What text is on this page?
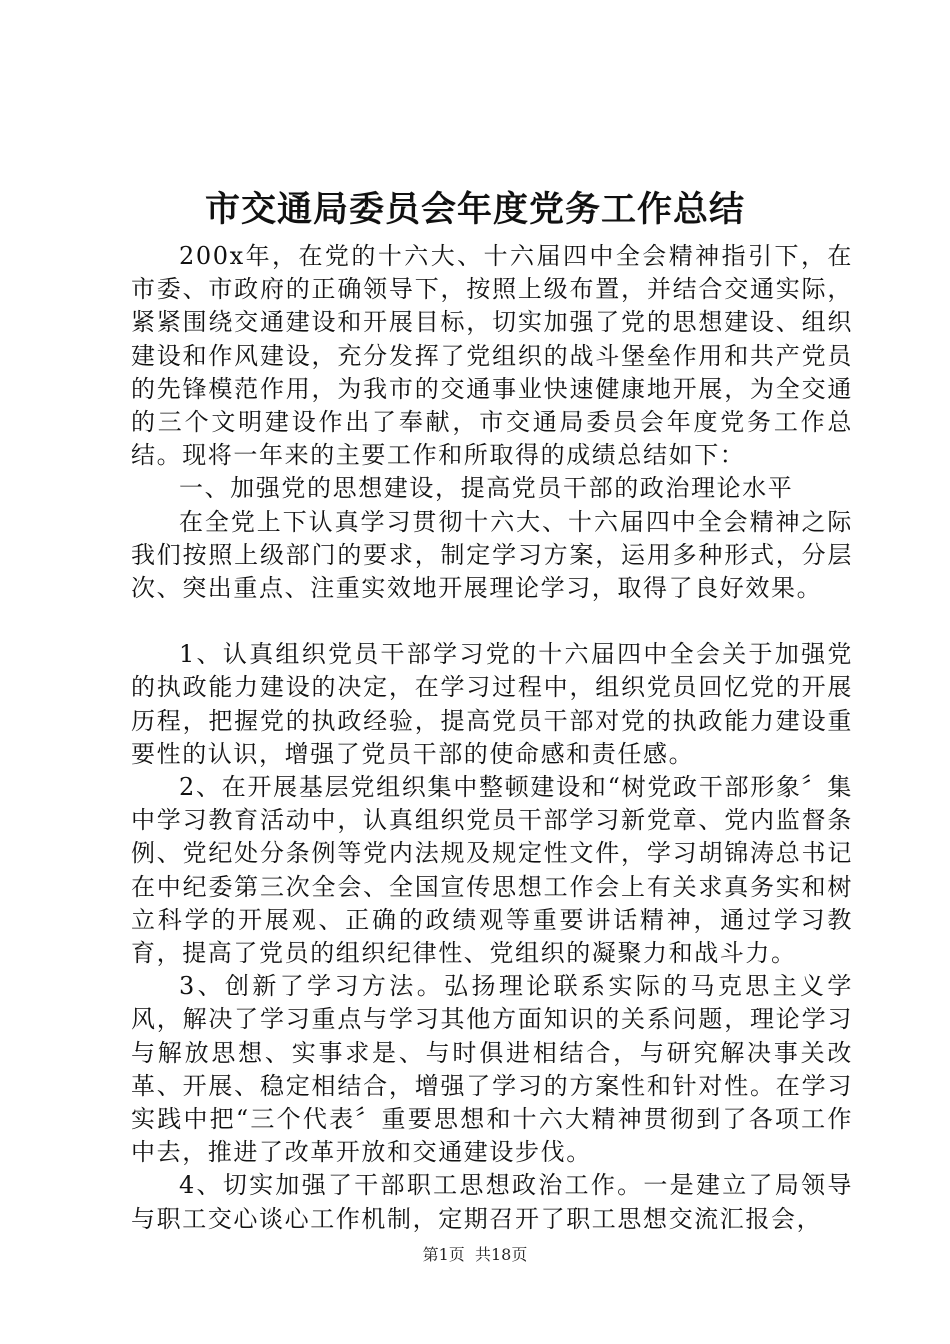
市交通局委员会年度党务工作总结

200x年，在党的十六大、十六届四中全会精神指引下，在市委、市政府的正确领导下，按照上级布置，并结合交通实际，紧紧围绕交通建设和开展目标，切实加强了党的思想建设、组织建设和作风建设，充分发挥了党组织的战斗堡垒作用和共产党员的先锋模范作用，为我市的交通事业快速健康地开展，为全交通的三个文明建设作出了奉献，市交通局委员会年度党务工作总结。现将一年来的主要工作和所取得的成绩总结如下：

一、加强党的思想建设，提高党员干部的政治理论水平

在全党上下认真学习贯彻十六大、十六届四中全会精神之际我们按照上级部门的要求，制定学习方案，运用多种形式，分层次、突出重点、注重实效地开展理论学习，取得了良好效果。

1、认真组织党员干部学习党的十六届四中全会关于加强党的执政能力建设的决定，在学习过程中，组织党员回忆党的开展历程，把握党的执政经验，提高党员干部对党的执政能力建设重要性的认识，增强了党员干部的使命感和责任感。

2、在开展基层党组织集中整顿建设和“树党政干部形象〞集中学习教育活动中，认真组织党员干部学习新党章、党内监督条例、党纪处分条例等党内法规及规定性文件，学习胡锦涛总书记在中纪委第三次全会、全国宣传思想工作会上有关求真务实和树立科学的开展观、正确的政绩观等重要讲话精神，通过学习教育，提高了党员的组织纪律性、党组织的凝聚力和战斗力。

3、创新了学习方法。弘扬理论联系实际的马克思主义学风，解决了学习重点与学习其他方面知识的关系问题，理论学习与解放思想、实事求是、与时俱进相结合，与研究解决事关改革、开展、稳定相结合，增强了学习的方案性和针对性。在学习实践中把“三个代表〞重要思想和十六大精神贯彻到了各项工作中去，推进了改革开放和交通建设步伐。

4、切实加强了干部职工思想政治工作。一是建立了局领导与职工交心谈心工作机制，定期召开了职工思想交流汇报会，

第1页 共18页
